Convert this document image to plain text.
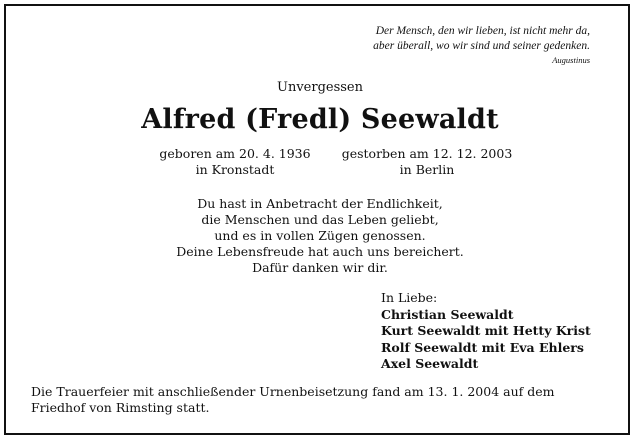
Der Mensch, den wir lieben, ist nicht mehr da,
aber überall, wo wir sind und seiner gedenken.
Augustinus
Unvergessen
Alfred (Fredl) Seewaldt
geboren am 20. 4. 1936
in Kronstadt
gestorben am 12. 12. 2003
in Berlin
Du hast in Anbetracht der Endlichkeit,
die Menschen und das Leben geliebt,
und es in vollen Zügen genossen.
Deine Lebensfreude hat auch uns bereichert.
Dafür danken wir dir.
In Liebe:
Christian Seewaldt
Kurt Seewaldt mit Hetty Krist
Rolf Seewaldt mit Eva Ehlers
Axel Seewaldt
Die Trauerfeier mit anschließender Urnenbeisetzung fand am 13. 1. 2004 auf dem
Friedhof von Rimsting statt.
